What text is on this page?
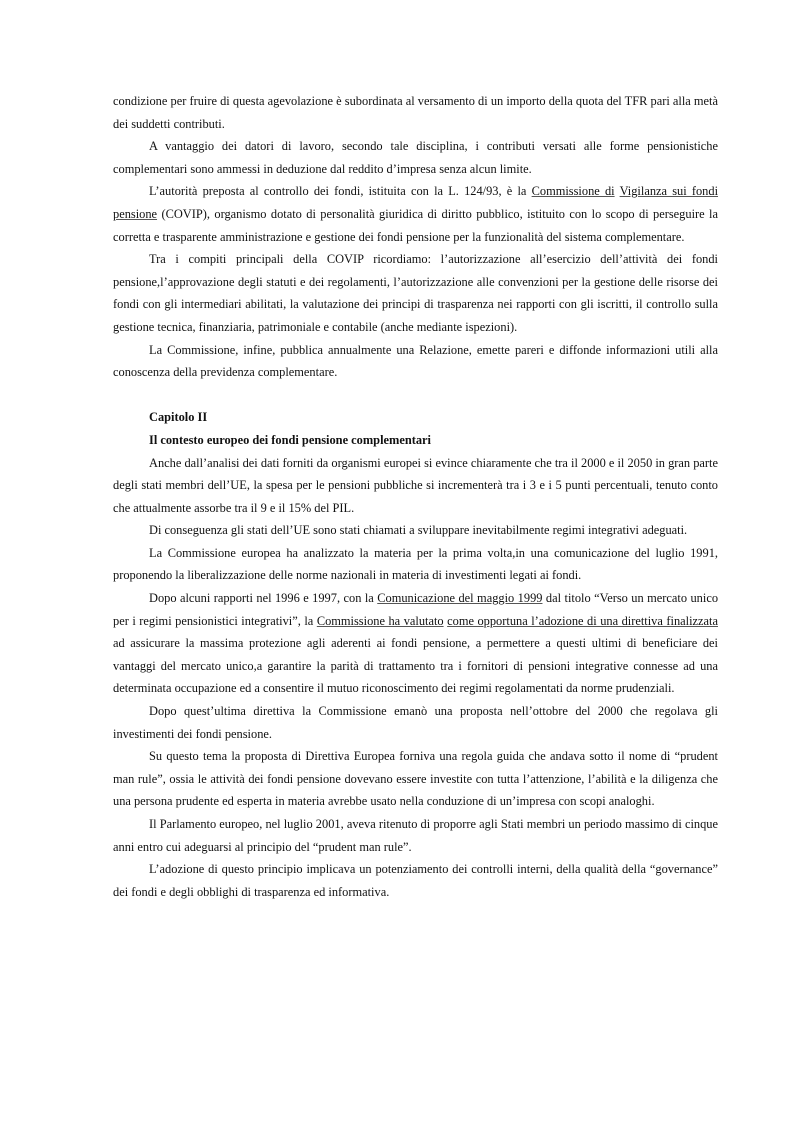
condizione per fruire di questa agevolazione è subordinata al versamento di un importo della quota del TFR pari alla metà dei suddetti contributi.

A vantaggio dei datori di lavoro, secondo tale disciplina, i contributi versati alle forme pensionistiche complementari sono ammessi in deduzione dal reddito d’impresa senza alcun limite.

L’autorità preposta al controllo dei fondi, istituita con la L. 124/93, è la Commissione di Vigilanza sui fondi pensione (COVIP), organismo dotato di personalità giuridica di diritto pubblico, istituito con lo scopo di perseguire la corretta e trasparente amministrazione e gestione dei fondi pensione per la funzionalità del sistema complementare.

Tra i compiti principali della COVIP ricordiamo: l’autorizzazione all’esercizio dell’attività dei fondi pensione,l’approvazione degli statuti e dei regolamenti, l’autorizzazione alle convenzioni per la gestione delle risorse dei fondi con gli intermediari abilitati, la valutazione dei principi di trasparenza nei rapporti con gli iscritti, il controllo sulla gestione tecnica, finanziaria, patrimoniale e contabile (anche mediante ispezioni).

La Commissione, infine, pubblica annualmente una Relazione, emette pareri e diffonde informazioni utili alla conoscenza della previdenza complementare.

Capitolo II

Il contesto europeo dei fondi pensione complementari

Anche dall’analisi dei dati forniti da organismi europei si evince chiaramente che tra il 2000 e il 2050 in gran parte degli stati membri dell’UE, la spesa per le pensioni pubbliche si incrementerà tra i 3 e i 5 punti percentuali, tenuto conto che attualmente assorbe tra il 9 e il 15% del PIL.

Di conseguenza gli stati dell’UE sono stati chiamati a sviluppare inevitabilmente regimi integrativi adeguati.

La Commissione europea ha analizzato la materia per la prima volta,in una comunicazione del luglio 1991, proponendo la liberalizzazione delle norme nazionali in materia di investimenti legati ai fondi.

Dopo alcuni rapporti nel 1996 e 1997, con la Comunicazione del maggio 1999 dal titolo “Verso un mercato unico per i regimi pensionistici integrativi”, la Commissione ha valutato come opportuna l’adozione di una direttiva finalizzata ad assicurare la massima protezione agli aderenti ai fondi pensione, a permettere a questi ultimi di beneficiare dei vantaggi del mercato unico,a garantire la parità di trattamento tra i fornitori di pensioni integrative connesse ad una determinata occupazione ed a consentire il mutuo riconoscimento dei regimi regolamentati da norme prudenziali.

Dopo quest’ultima direttiva la Commissione emanò una proposta nell’ottobre del 2000 che regolava gli investimenti dei fondi pensione.

Su questo tema la proposta di Direttiva Europea forniva una regola guida che andava sotto il nome di “prudent man rule”, ossia le attività dei fondi pensione dovevano essere investite con tutta l’attenzione, l’abilità e la diligenza che una persona prudente ed esperta in materia avrebbe usato nella conduzione di un’impresa con scopi analoghi.

Il Parlamento europeo, nel luglio 2001, aveva ritenuto di proporre agli Stati membri un periodo massimo di cinque anni entro cui adeguarsi al principio del “prudent man rule”.

L’adozione di questo principio implicava un potenziamento dei controlli interni, della qualità della “governance” dei fondi e degli obblighi di trasparenza ed informativa.
